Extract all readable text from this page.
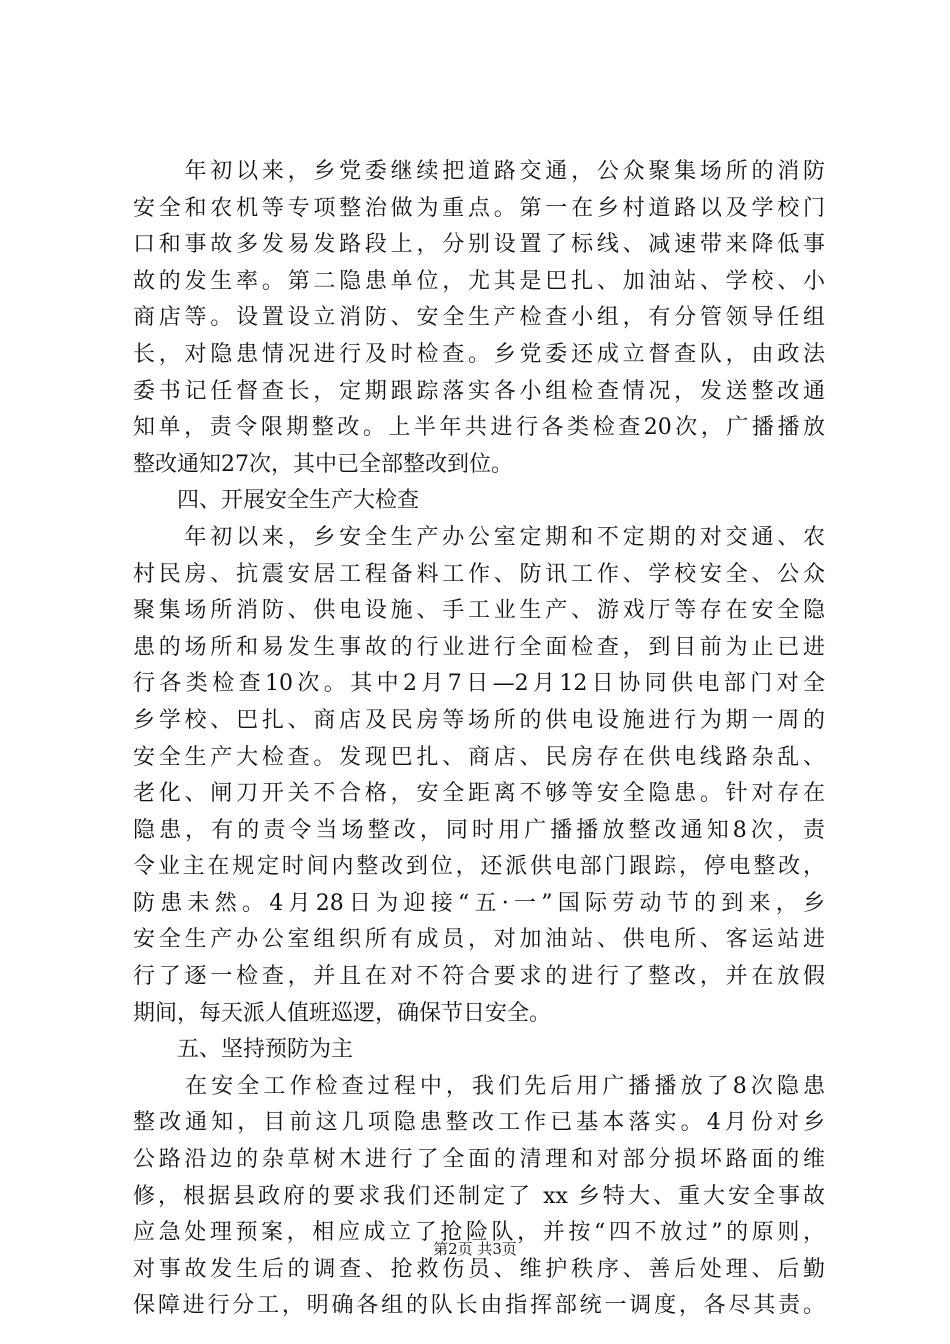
　　年初以来，乡党委继续把道路交通，公众聚集场所的消防
安全和农机等专项整治做为重点。第一在乡村道路以及学校门
口和事故多发易发路段上，分别设置了标线、减速带来降低事
故的发生率。第二隐患单位，尤其是巴扎、加油站、学校、小
商店等。设置设立消防、安全生产检查小组，有分管领导任组
长，对隐患情况进行及时检查。乡党委还成立督查队，由政法
委书记任督查长，定期跟踪落实各小组检查情况，发送整改通
知单，责令限期整改。上半年共进行各类检查20次，广播播放
整改通知27次，其中已全部整改到位。
　　四、开展安全生产大检查
　　年初以来，乡安全生产办公室定期和不定期的对交通、农
村民房、抗震安居工程备料工作、防讯工作、学校安全、公众
聚集场所消防、供电设施、手工业生产、游戏厅等存在安全隐
患的场所和易发生事故的行业进行全面检查，到目前为止已进
行各类检查10次。其中2月7日—2月12日协同供电部门对全
乡学校、巴扎、商店及民房等场所的供电设施进行为期一周的
安全生产大检查。发现巴扎、商店、民房存在供电线路杂乱、
老化、闸刀开关不合格，安全距离不够等安全隐患。针对存在
隐患，有的责令当场整改，同时用广播播放整改通知8次，责
令业主在规定时间内整改到位，还派供电部门跟踪，停电整改，
防患未然。4月28日为迎接“五·一”国际劳动节的到来，乡
安全生产办公室组织所有成员，对加油站、供电所、客运站进
行了逐一检查，并且在对不符合要求的进行了整改，并在放假
期间，每天派人值班巡逻，确保节日安全。
　　五、坚持预防为主
　　在安全工作检查过程中，我们先后用广播播放了8次隐患
整改通知，目前这几项隐患整改工作已基本落实。4月份对乡
公路沿边的杂草树木进行了全面的清理和对部分损坏路面的维
修，根据县政府的要求我们还制定了 xx 乡特大、重大安全事故
应急处理预案，相应成立了抢险队，并按“四不放过”的原则，
对事故发生后的调查、抢救伤员、维护秩序、善后处理、后勤
保障进行分工，明确各组的队长由指挥部统一调度，各尽其责。
第2页 共3页
